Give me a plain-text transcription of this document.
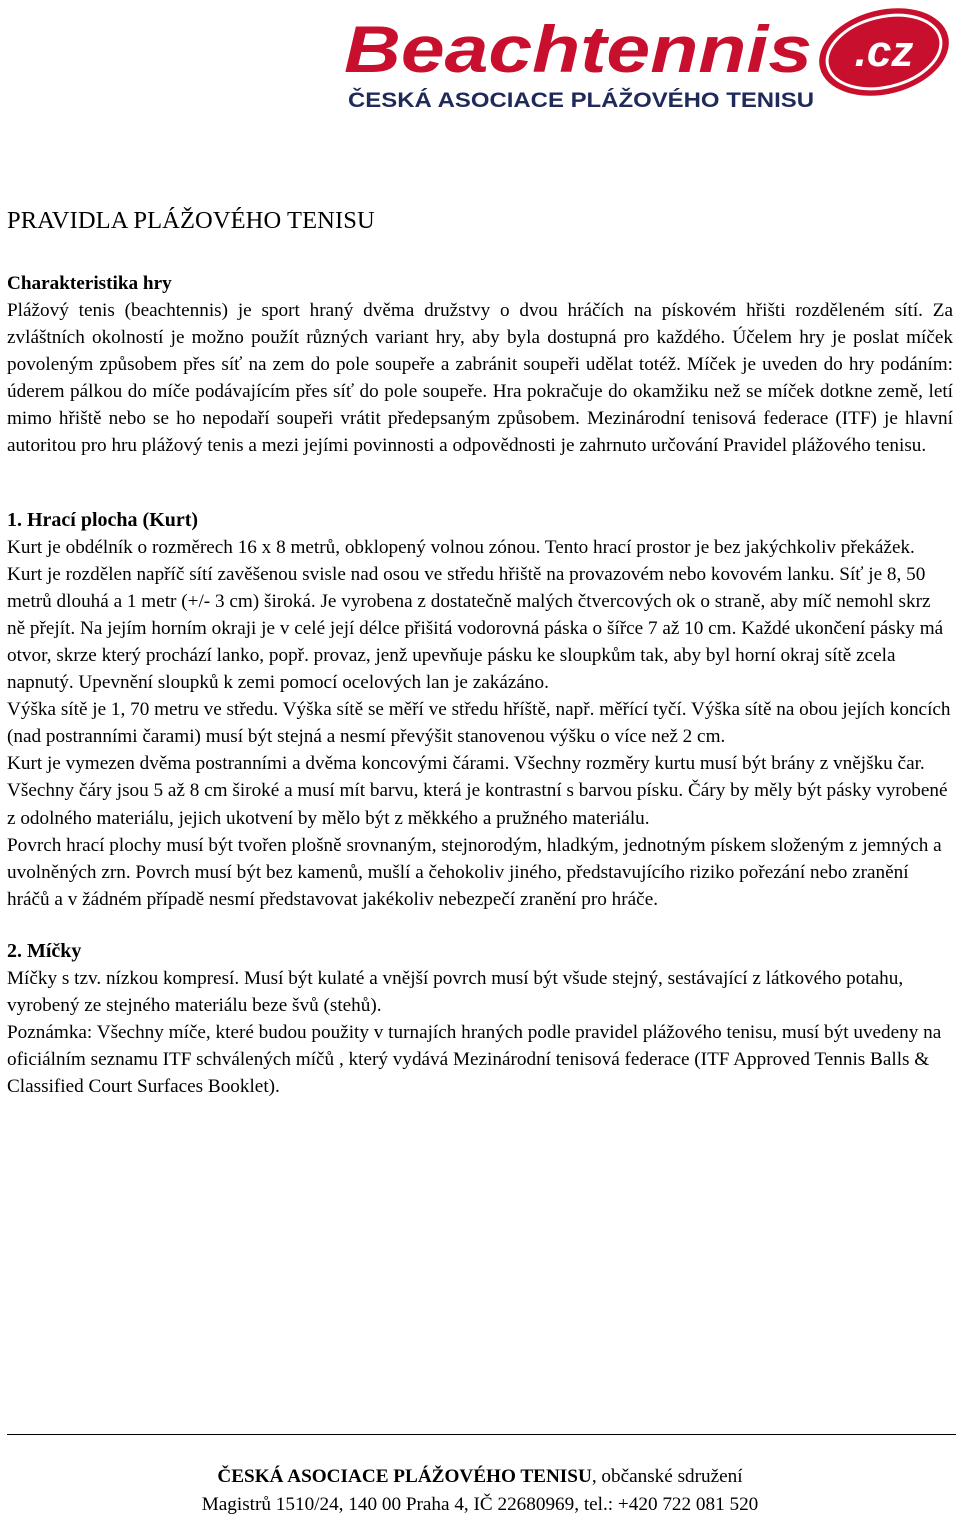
Beachtennis .cz
ČESKÁ ASOCIACE PLÁŽOVÉHO TENISU
PRAVIDLA PLÁŽOVÉHO TENISU
Charakteristika hry

Plážový tenis (beachtennis) je sport hraný dvěma družstvy o dvou hráčích na pískovém hřišti rozděleném sítí. Za zvláštních okolností je možno použít různých variant hry, aby byla dostupná pro každého. Účelem hry je poslat míček povoleným způsobem přes síť na zem do pole soupeře a zabránit soupeři udělat totéž. Míček je uveden do hry podáním: úderem pálkou do míče podávajícím přes síť do pole soupeře. Hra pokračuje do okamžiku než se míček dotkne země, letí mimo hřiště nebo se ho nepodaří soupeři vrátit předepsaným způsobem. Mezinárodní tenisová federace (ITF) je hlavní autoritou pro hru plážový tenis a mezi jejími povinnosti a odpovědnosti je zahrnuto určování Pravidel plážového tenisu.

1. Hrací plocha (Kurt)

Kurt je obdélník o rozměrech 16 x 8 metrů, obklopený volnou zónou. Tento hrací prostor je bez jakýchkoliv překážek.

Kurt je rozdělen napříč sítí zavěšenou svisle nad osou ve středu hřiště na provazovém nebo kovovém lanku. Síť je 8, 50 metrů dlouhá a 1 metr (+/- 3 cm) široká. Je vyrobena z dostatečně malých čtvercových ok o straně, aby míč nemohl skrz ně přejít. Na jejím horním okraji je v celé její délce přišitá vodorovná páska o šířce 7 až 10 cm. Každé ukončení pásky má otvor, skrze který prochází lanko, popř. provaz, jenž upevňuje pásku ke sloupkům tak, aby byl horní okraj sítě zcela napnutý. Upevnění sloupků k zemi pomocí ocelových lan je zakázáno.

Výška sítě je 1, 70 metru ve středu. Výška sítě se měří ve středu hříště, např. měřící tyčí. Výška sítě na obou jejích koncích (nad postranními čarami) musí být stejná a nesmí převýšit stanovenou výšku o více než 2 cm.

Kurt je vymezen dvěma postranními a dvěma koncovými čárami. Všechny rozměry kurtu musí být brány z vnějšku čar. Všechny čáry jsou 5 až 8 cm široké a musí mít barvu, která je kontrastní s barvou písku. Čáry by měly být pásky vyrobené z odolného materiálu, jejich ukotvení by mělo být z měkkého a pružného materiálu.

Povrch hrací plochy musí být tvořen plošně srovnaným, stejnorodým, hladkým, jednotným pískem složeným z jemných a uvolněných zrn. Povrch musí být bez kamenů, mušlí a čehokoliv jiného, představujícího riziko pořezání nebo zranění hráčů a v žádném případě nesmí představovat jakékoliv nebezpečí zranění pro hráče.

2. Míčky

Míčky s tzv. nízkou kompresí. Musí být kulaté a vnější povrch musí být všude stejný, sestávající z látkového potahu, vyrobený ze stejného materiálu beze švů (stehů).

Poznámka: Všechny míče, které budou použity v turnajích hraných podle pravidel plážového tenisu, musí být uvedeny na oficiálním seznamu ITF schválených míčů , který vydává Mezinárodní tenisová federace (ITF Approved Tennis Balls & Classified Court Surfaces Booklet).

ČESKÁ ASOCIACE PLÁŽOVÉHO TENISU, občanské sdružení
Magistrů 1510/24, 140 00 Praha 4, IČ 22680969, tel.: +420 722 081 520
